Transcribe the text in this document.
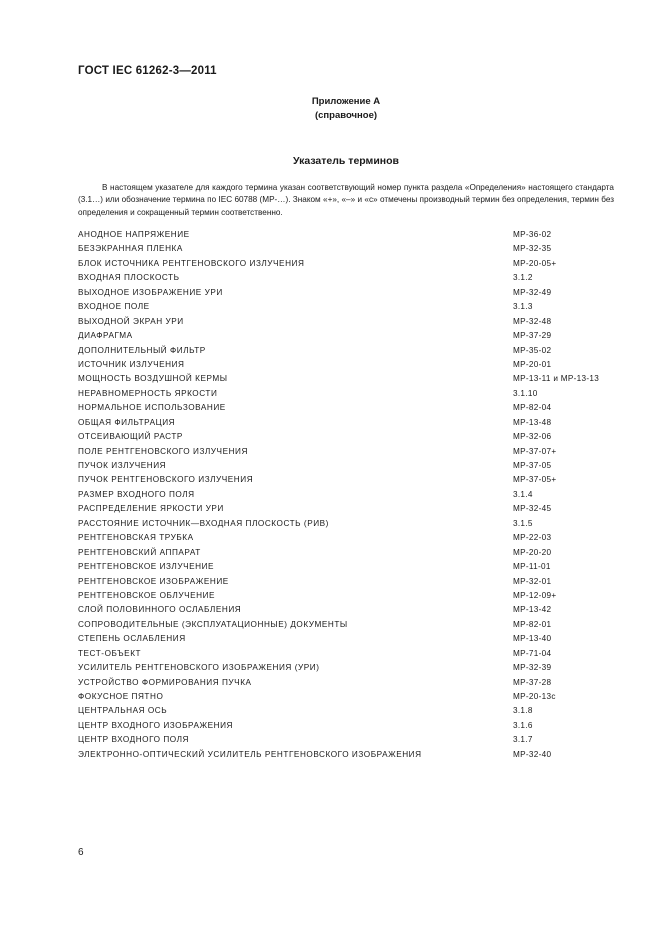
ГОСТ IEC 61262-3—2011
Приложение А
(справочное)
Указатель терминов

В настоящем указателе для каждого термина указан соответствующий номер пункта раздела «Определения» настоящего стандарта (3.1…) или обозначение термина по IEC 60788 (МР-…). Знаком «+», «–» и «с» отмечены производный термин без определения, термин без определения и сокращенный термин соответственно.

АНОДНОЕ НАПРЯЖЕНИЕ	МР-36-02
БЕЗЭКРАННАЯ ПЛЕНКА	МР-32-35
БЛОК ИСТОЧНИКА РЕНТГЕНОВСКОГО ИЗЛУЧЕНИЯ	МР-20-05+
ВХОДНАЯ ПЛОСКОСТЬ	3.1.2
ВЫХОДНОЕ ИЗОБРАЖЕНИЕ УРИ	МР-32-49
ВХОДНОЕ ПОЛЕ	3.1.3
ВЫХОДНОЙ ЭКРАН УРИ	МР-32-48
ДИАФРАГМА	МР-37-29
ДОПОЛНИТЕЛЬНЫЙ ФИЛЬТР	МР-35-02
ИСТОЧНИК ИЗЛУЧЕНИЯ	МР-20-01
МОЩНОСТЬ ВОЗДУШНОЙ КЕРМЫ	МР-13-11 и МР-13-13
НЕРАВНОМЕРНОСТЬ ЯРКОСТИ	3.1.10
НОРМАЛЬНОЕ ИСПОЛЬЗОВАНИЕ	МР-82-04
ОБЩАЯ ФИЛЬТРАЦИЯ	МР-13-48
ОТСЕИВАЮЩИЙ РАСТР	МР-32-06
ПОЛЕ РЕНТГЕНОВСКОГО ИЗЛУЧЕНИЯ	МР-37-07+
ПУЧОК ИЗЛУЧЕНИЯ	МР-37-05
ПУЧОК РЕНТГЕНОВСКОГО ИЗЛУЧЕНИЯ	МР-37-05+
РАЗМЕР ВХОДНОГО ПОЛЯ	3.1.4
РАСПРЕДЕЛЕНИЕ ЯРКОСТИ УРИ	МР-32-45
РАССТОЯНИЕ ИСТОЧНИК—ВХОДНАЯ ПЛОСКОСТЬ (РИВ)	3.1.5
РЕНТГЕНОВСКАЯ ТРУБКА	МР-22-03
РЕНТГЕНОВСКИЙ АППАРАТ	МР-20-20
РЕНТГЕНОВСКОЕ ИЗЛУЧЕНИЕ	МР-11-01
РЕНТГЕНОВСКОЕ ИЗОБРАЖЕНИЕ	МР-32-01
РЕНТГЕНОВСКОЕ ОБЛУЧЕНИЕ	МР-12-09+
СЛОЙ ПОЛОВИННОГО ОСЛАБЛЕНИЯ	МР-13-42
СОПРОВОДИТЕЛЬНЫЕ (ЭКСПЛУАТАЦИОННЫЕ) ДОКУМЕНТЫ	МР-82-01
СТЕПЕНЬ ОСЛАБЛЕНИЯ	МР-13-40
ТЕСТ-ОБЪЕКТ	МР-71-04
УСИЛИТЕЛЬ РЕНТГЕНОВСКОГО ИЗОБРАЖЕНИЯ (УРИ)	МР-32-39
УСТРОЙСТВО ФОРМИРОВАНИЯ ПУЧКА	МР-37-28
ФОКУСНОЕ ПЯТНО	МР-20-13с
ЦЕНТРАЛЬНАЯ ОСЬ	3.1.8
ЦЕНТР ВХОДНОГО ИЗОБРАЖЕНИЯ	3.1.6
ЦЕНТР ВХОДНОГО ПОЛЯ	3.1.7
ЭЛЕКТРОННО-ОПТИЧЕСКИЙ УСИЛИТЕЛЬ РЕНТГЕНОВСКОГО ИЗОБРАЖЕНИЯ	МР-32-40
6
